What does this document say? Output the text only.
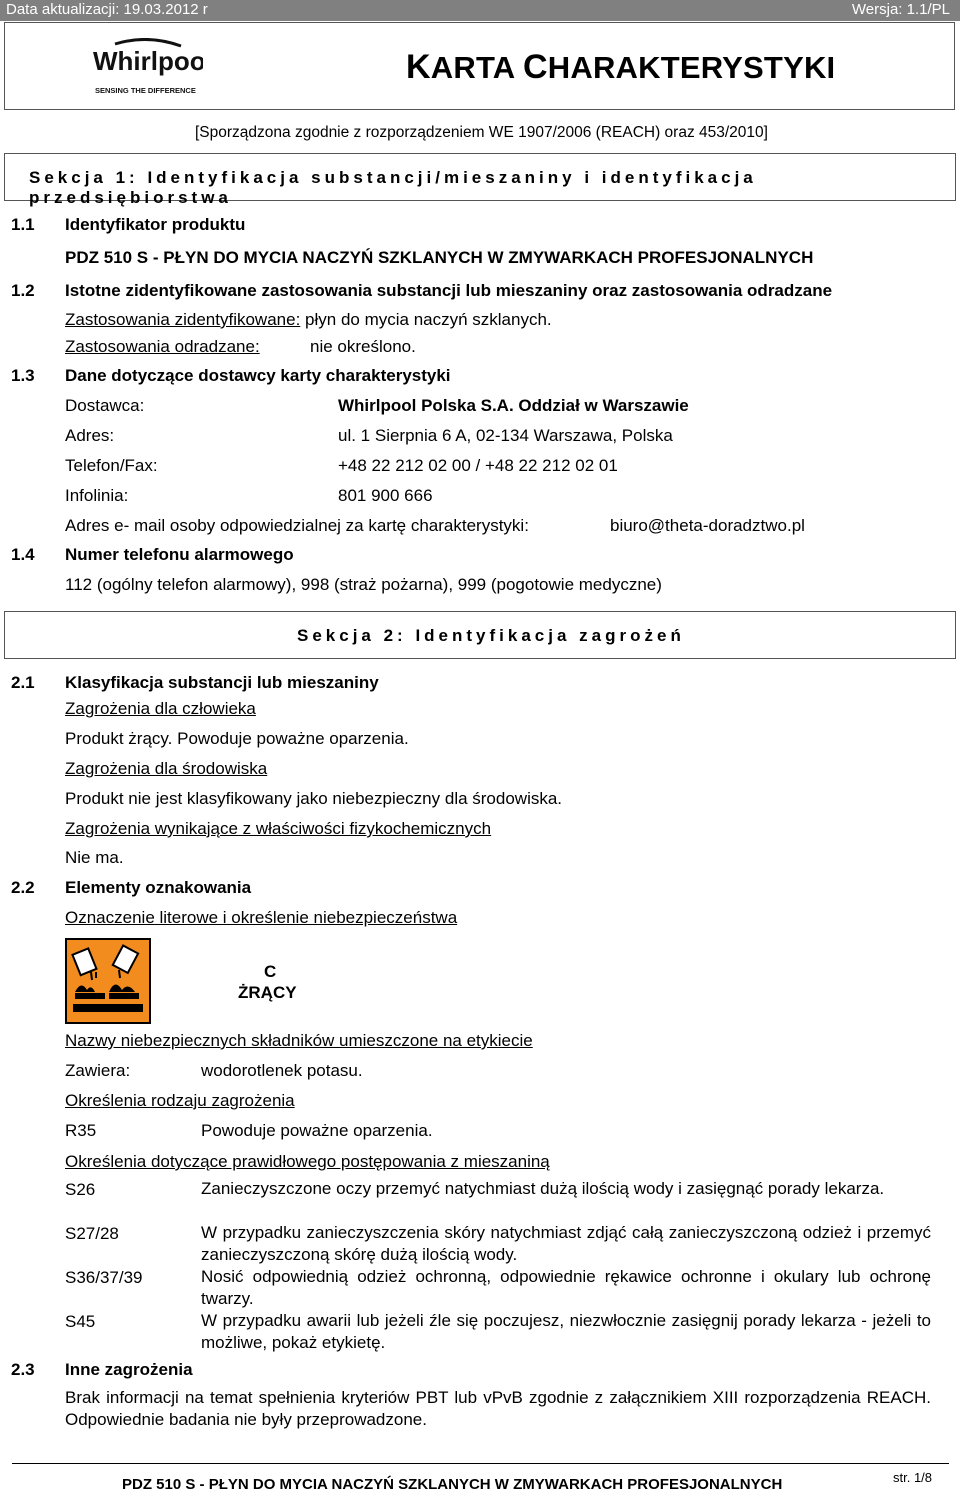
Data aktualizacji: 19.03.2012 r	Wersja: 1.1/PL
Whirlpool
SENSING THE DIFFERENCE
KARTA CHARAKTERYSTYKI
[Sporządzona zgodnie z rozporządzeniem WE 1907/2006 (REACH) oraz 453/2010]
Sekcja 1: Identyfikacja substancji/mieszaniny i identyfikacja przedsiębiorstwa
1.1 Identyfikator produktu
PDZ 510 S - PŁYN DO MYCIA NACZYŃ SZKLANYCH W ZMYWARKACH PROFESJONALNYCH
1.2 Istotne zidentyfikowane zastosowania substancji lub mieszaniny oraz zastosowania odradzane
Zastosowania zidentyfikowane: płyn do mycia naczyń szklanych.
Zastosowania odradzane:	nie określono.
1.3 Dane dotyczące dostawcy karty charakterystyki
Dostawca:	Whirlpool Polska S.A. Oddział w Warszawie
Adres:	ul. 1 Sierpnia 6 A, 02-134 Warszawa, Polska
Telefon/Fax:	+48 22 212 02 00 / +48 22 212 02 01
Infolinia:	801 900 666
Adres e- mail osoby odpowiedzialnej za kartę charakterystyki:	biuro@theta-doradztwo.pl
1.4 Numer telefonu alarmowego
112 (ogólny telefon alarmowy), 998 (straż pożarna), 999 (pogotowie medyczne)
Sekcja 2: Identyfikacja zagrożeń
2.1 Klasyfikacja substancji lub mieszaniny
Zagrożenia dla człowieka
Produkt żrący. Powoduje poważne oparzenia.
Zagrożenia dla środowiska
Produkt nie jest klasyfikowany jako niebezpieczny dla środowiska.
Zagrożenia wynikające z właściwości fizykochemicznych
Nie ma.
2.2 Elementy oznakowania
Oznaczenie literowe i określenie niebezpieczeństwa
C
ŻRĄCY
Nazwy niebezpiecznych składników umieszczone na etykiecie
Zawiera:	wodorotlenek potasu.
Określenia rodzaju zagrożenia
R35	Powoduje poważne oparzenia.
Określenia dotyczące prawidłowego postępowania z mieszaniną
S26	Zanieczyszczone oczy przemyć natychmiast dużą ilością wody i zasięgnąć porady lekarza.
S27/28	W przypadku zanieczyszczenia skóry natychmiast zdjąć całą zanieczyszczoną odzież i przemyć zanieczyszczoną skórę dużą ilością wody.
S36/37/39	Nosić odpowiednią odzież ochronną, odpowiednie rękawice ochronne i okulary lub ochronę twarzy.
S45	W przypadku awarii lub jeżeli źle się poczujesz, niezwłocznie zasięgnij porady lekarza - jeżeli to możliwe, pokaż etykietę.
2.3 Inne zagrożenia
Brak informacji na temat spełnienia kryteriów PBT lub vPvB zgodnie z załącznikiem XIII rozporządzenia REACH. Odpowiednie badania nie były przeprowadzone.
PDZ 510 S - PŁYN DO MYCIA NACZYŃ SZKLANYCH W ZMYWARKACH PROFESJONALNYCH	str. 1/8
